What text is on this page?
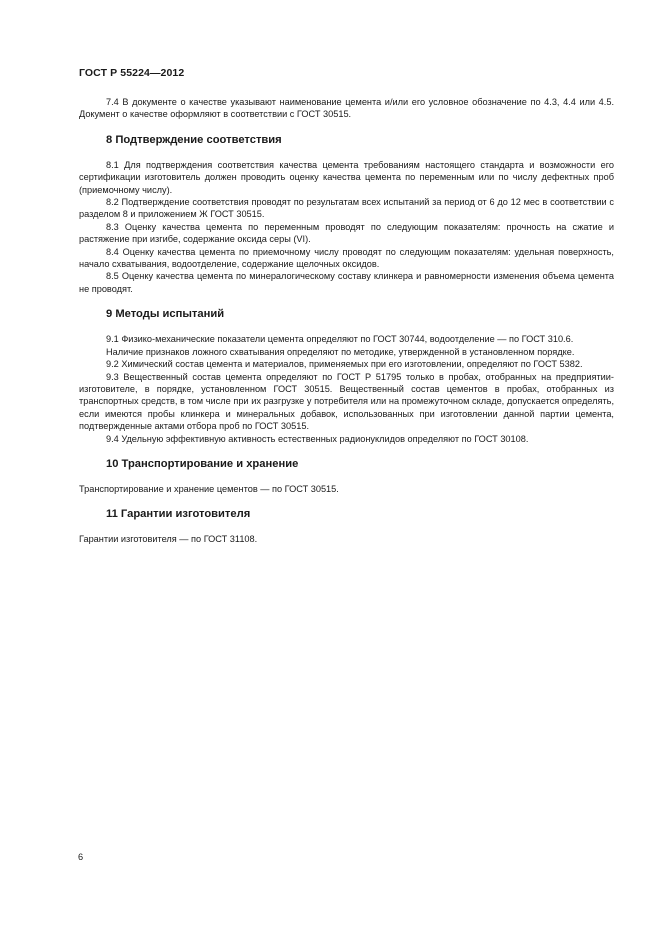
ГОСТ Р 55224—2012

7.4 В документе о качестве указывают наименование цемента и/или его условное обозначение по 4.3, 4.4 или 4.5. Документ о качестве оформляют в соответствии с ГОСТ 30515.

8 Подтверждение соответствия

8.1 Для подтверждения соответствия качества цемента требованиям настоящего стандарта и возможности его сертификации изготовитель должен проводить оценку качества цемента по переменным или по числу дефектных проб (приемочному числу).

8.2 Подтверждение соответствия проводят по результатам всех испытаний за период от 6 до 12 мес в соответствии с разделом 8 и приложением Ж ГОСТ 30515.

8.3 Оценку качества цемента по переменным проводят по следующим показателям: прочность на сжатие и растяжение при изгибе, содержание оксида серы (VI).

8.4 Оценку качества цемента по приемочному числу проводят по следующим показателям: удельная поверхность, начало схватывания, водоотделение, содержание щелочных оксидов.

8.5 Оценку качества цемента по минералогическому составу клинкера и равномерности изменения объема цемента не проводят.

9 Методы испытаний

9.1 Физико-механические показатели цемента определяют по ГОСТ 30744, водоотделение — по ГОСТ 310.6.

Наличие признаков ложного схватывания определяют по методике, утвержденной в установленном порядке.

9.2 Химический состав цемента и материалов, применяемых при его изготовлении, определяют по ГОСТ 5382.

9.3 Вещественный состав цемента определяют по ГОСТ Р 51795 только в пробах, отобранных на предприятии-изготовителе, в порядке, установленном ГОСТ 30515. Вещественный состав цементов в пробах, отобранных из транспортных средств, в том числе при их разгрузке у потребителя или на промежуточном складе, допускается определять, если имеются пробы клинкера и минеральных добавок, использованных при изготовлении данной партии цемента, подтвержденные актами отбора проб по ГОСТ 30515.

9.4 Удельную эффективную активность естественных радионуклидов определяют по ГОСТ 30108.

10 Транспортирование и хранение

Транспортирование и хранение цементов — по ГОСТ 30515.

11 Гарантии изготовителя

Гарантии изготовителя — по ГОСТ 31108.

6
